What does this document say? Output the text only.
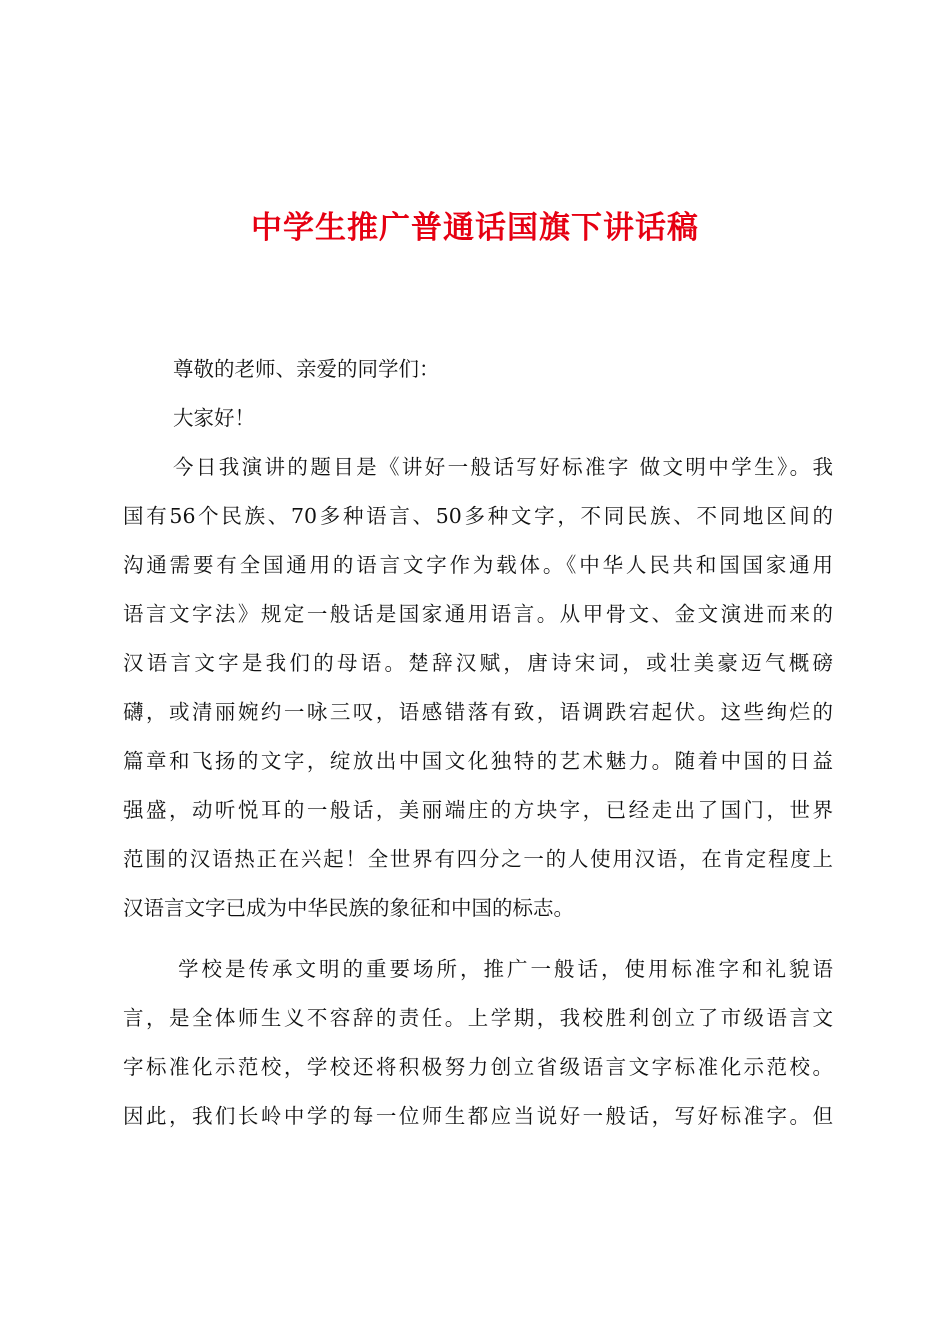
中学生推广普通话国旗下讲话稿
尊敬的老师、亲爱的同学们：
大家好！
今日我演讲的题目是《讲好一般话写好标准字 做文明中学生》。我
国有56个民族、70多种语言、50多种文字，不同民族、不同地区间的
沟通需要有全国通用的语言文字作为载体。《中华人民共和国国家通用
语言文字法》规定一般话是国家通用语言。从甲骨文、金文演进而来的
汉语言文字是我们的母语。楚辞汉赋，唐诗宋词，或壮美豪迈气概磅
礴，或清丽婉约一咏三叹，语感错落有致，语调跌宕起伏。这些绚烂的
篇章和飞扬的文字，绽放出中国文化独特的艺术魅力。随着中国的日益
强盛，动听悦耳的一般话，美丽端庄的方块字，已经走出了国门，世界
范围的汉语热正在兴起！全世界有四分之一的人使用汉语，在肯定程度上
汉语言文字已成为中华民族的象征和中国的标志。
学校是传承文明的重要场所，推广一般话，使用标准字和礼貌语
言，是全体师生义不容辞的责任。上学期，我校胜利创立了市级语言文
字标准化示范校，学校还将积极努力创立省级语言文字标准化示范校。
因此，我们长岭中学的每一位师生都应当说好一般话，写好标准字。但
